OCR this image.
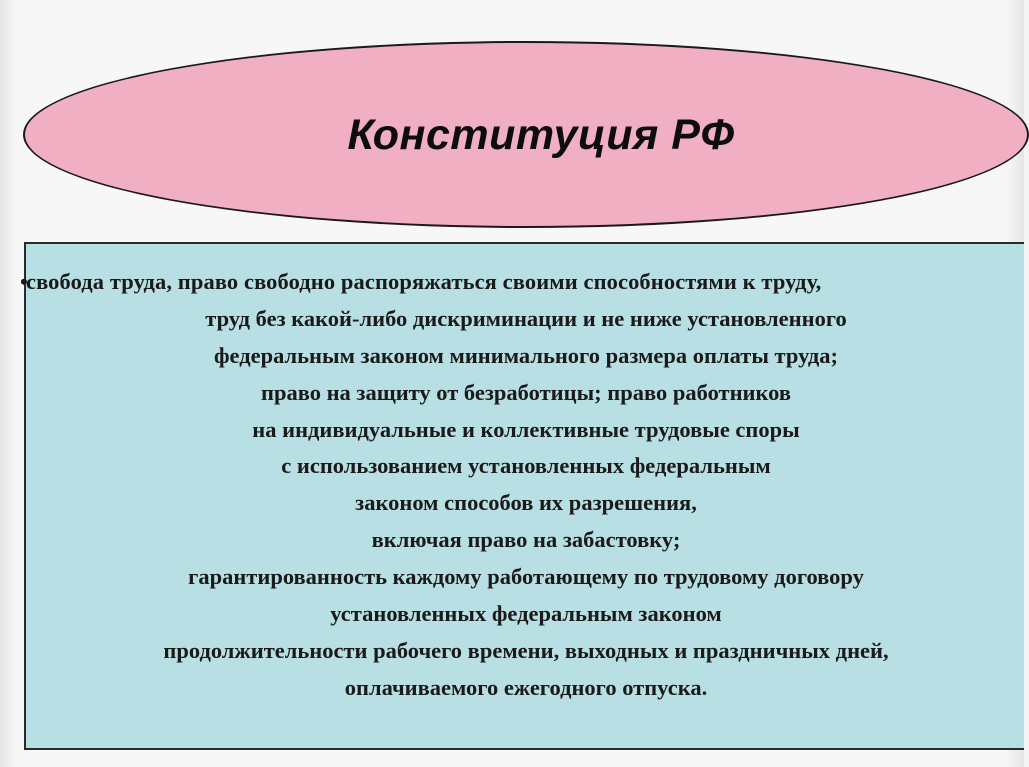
Конституция РФ
•свобода труда, право свободно распоряжаться своими способностями к труду,
труд без какой-либо дискриминации и не ниже установленного
федеральным законом минимального размера оплаты труда;
право на защиту от безработицы; право работников
на индивидуальные и коллективные трудовые споры
с использованием установленных федеральным
законом способов их разрешения,
включая право на забастовку;
гарантированность каждому работающему по трудовому договору
установленных федеральным законом
продолжительности рабочего времени, выходных и праздничных дней,
оплачиваемого ежегодного отпуска.
